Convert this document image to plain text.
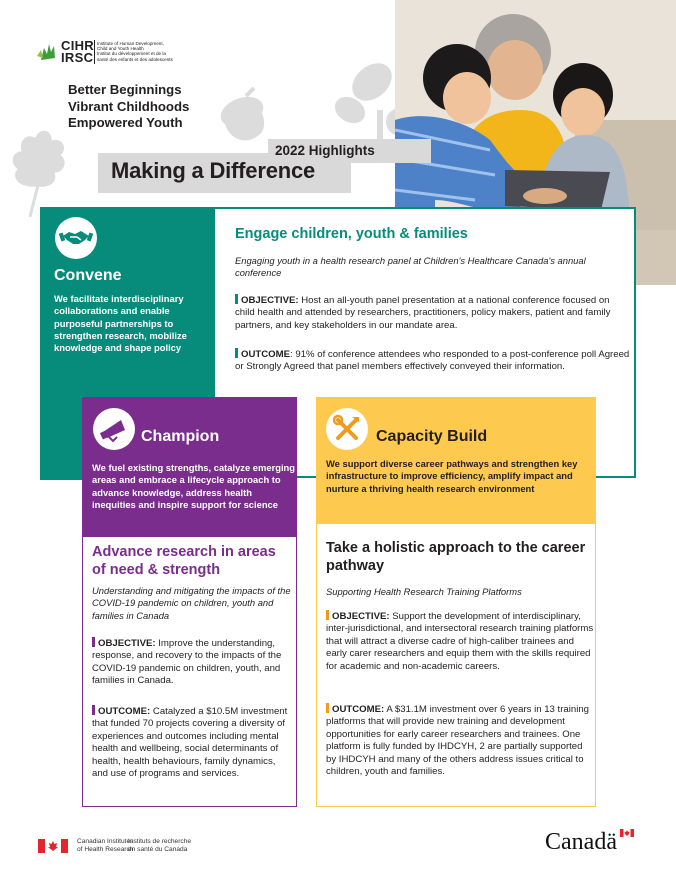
CIHR
IRSC
Institute of Human Development,
Child and Youth Health
Institut du développement et de la
santé des enfants et des adolescents
Better Beginnings
Vibrant Childhoods
Empowered Youth
2022 Highlights
Making a Difference
Convene
We facilitate interdisciplinary collaborations and enable purposeful partnerships to strengthen research, mobilize knowledge and shape policy
Engage children, youth & families
Engaging youth in a health research panel at Children's Healthcare Canada's annual conference
OBJECTIVE: Host an all-youth panel presentation at a national conference focused on child health and attended by researchers, practitioners, policy makers, patient and family partners, and key stakeholders in our mandate area.
OUTCOME: 91% of conference attendees who responded to a post-conference poll Agreed or Strongly Agreed that panel members effectively conveyed their information.
Champion
We fuel existing strengths, catalyze emerging areas and embrace a lifecycle approach to advance knowledge, address health inequities and inspire support for science
Advance research in areas of need & strength
Understanding and mitigating the impacts of the COVID-19 pandemic on children, youth and families in Canada
OBJECTIVE: Improve the understanding, response, and recovery to the impacts of the COVID-19 pandemic on children, youth, and families in Canada.
OUTCOME: Catalyzed a $10.5M investment that funded 70 projects covering a diversity of experiences and outcomes including mental health and wellbeing, social determinants of health, health behaviours, family dynamics, and use of programs and services.
Capacity Build
We support diverse career pathways and strengthen key infrastructure to improve efficiency, amplify impact and nurture a thriving health research environment
Take a holistic approach to the career pathway
Supporting Health Research Training Platforms
OBJECTIVE: Support the development of interdisciplinary, inter-jurisdictional, and intersectoral research training platforms that will attract a diverse cadre of high-caliber trainees and early carer researchers and equip them with the skills required for academic and non-academic careers.
OUTCOME: A $31.1M investment over 6 years in 13 training platforms that will provide new training and development opportunities for early career researchers and trainees. One platform is fully funded by IHDCYH, 2 are partially supported by IHDCYH and many of the others address issues critical to children, youth and families.
Canadian Institutes
of Health Research
Instituts de recherche
en santé du Canada	Canadä
